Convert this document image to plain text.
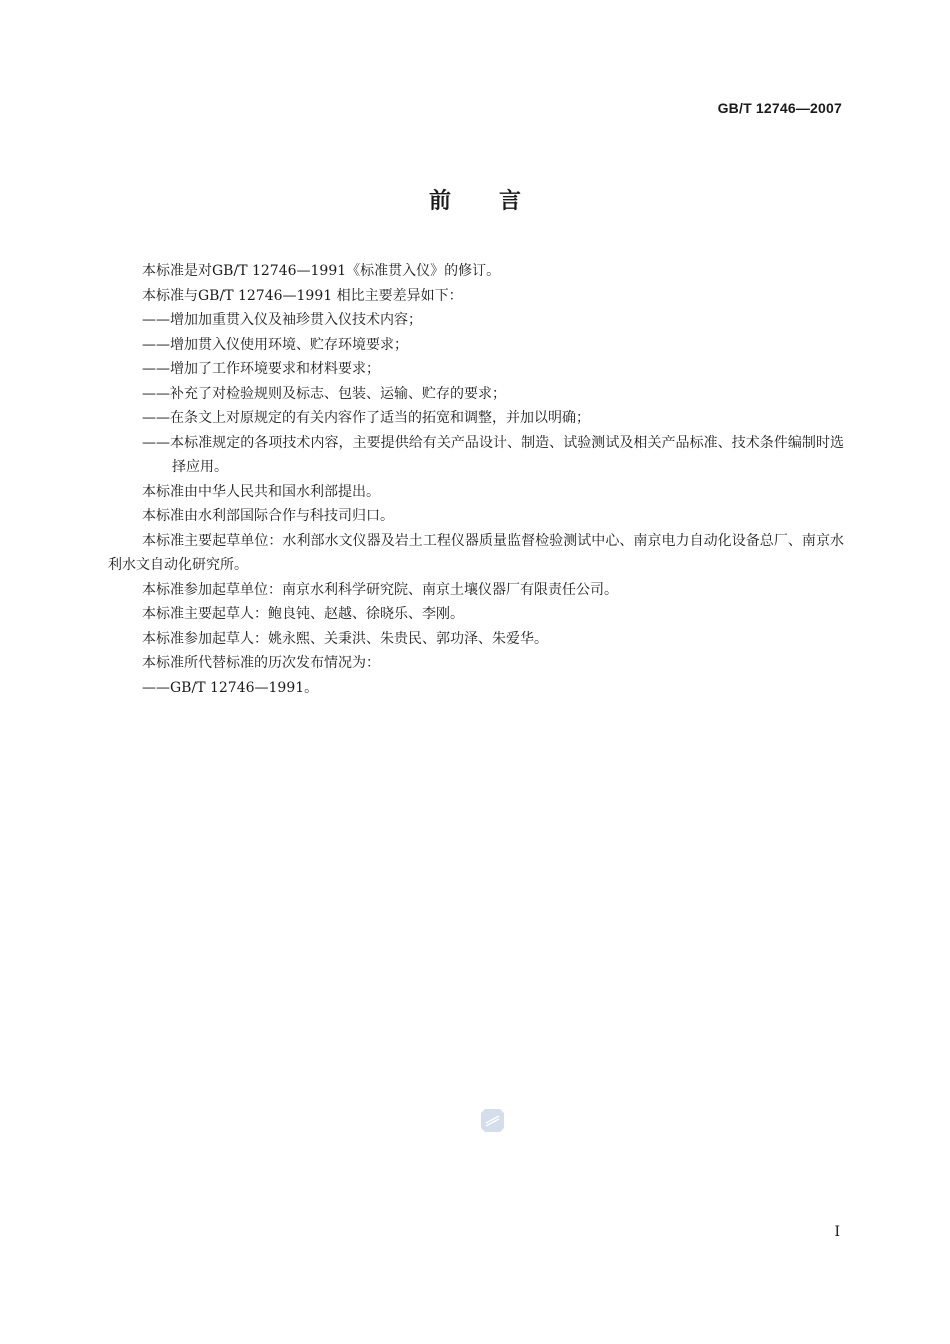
GB/T 12746—2007
前言

本标准是对GB/T 12746—1991《标准贯入仪》的修订。

本标准与GB/T 12746—1991 相比主要差异如下：

——增加加重贯入仪及袖珍贯入仪技术内容；

——增加贯入仪使用环境、贮存环境要求；

——增加了工作环境要求和材料要求；

——补充了对检验规则及标志、包装、运输、贮存的要求；

——在条文上对原规定的有关内容作了适当的拓宽和调整，并加以明确；

——本标准规定的各项技术内容，主要提供给有关产品设计、制造、试验测试及相关产品标准、技术条件编制时选择应用。

本标准由中华人民共和国水利部提出。

本标准由水利部国际合作与科技司归口。

本标准主要起草单位：水利部水文仪器及岩土工程仪器质量监督检验测试中心、南京电力自动化设备总厂、南京水利水文自动化研究所。

本标准参加起草单位：南京水利科学研究院、南京土壤仪器厂有限责任公司。

本标准主要起草人：鲍良钝、赵越、徐晓乐、李刚。

本标准参加起草人：姚永熙、关秉洪、朱贵民、郭功泽、朱爱华。

本标准所代替标准的历次发布情况为：

——GB/T 12746—1991。

I
